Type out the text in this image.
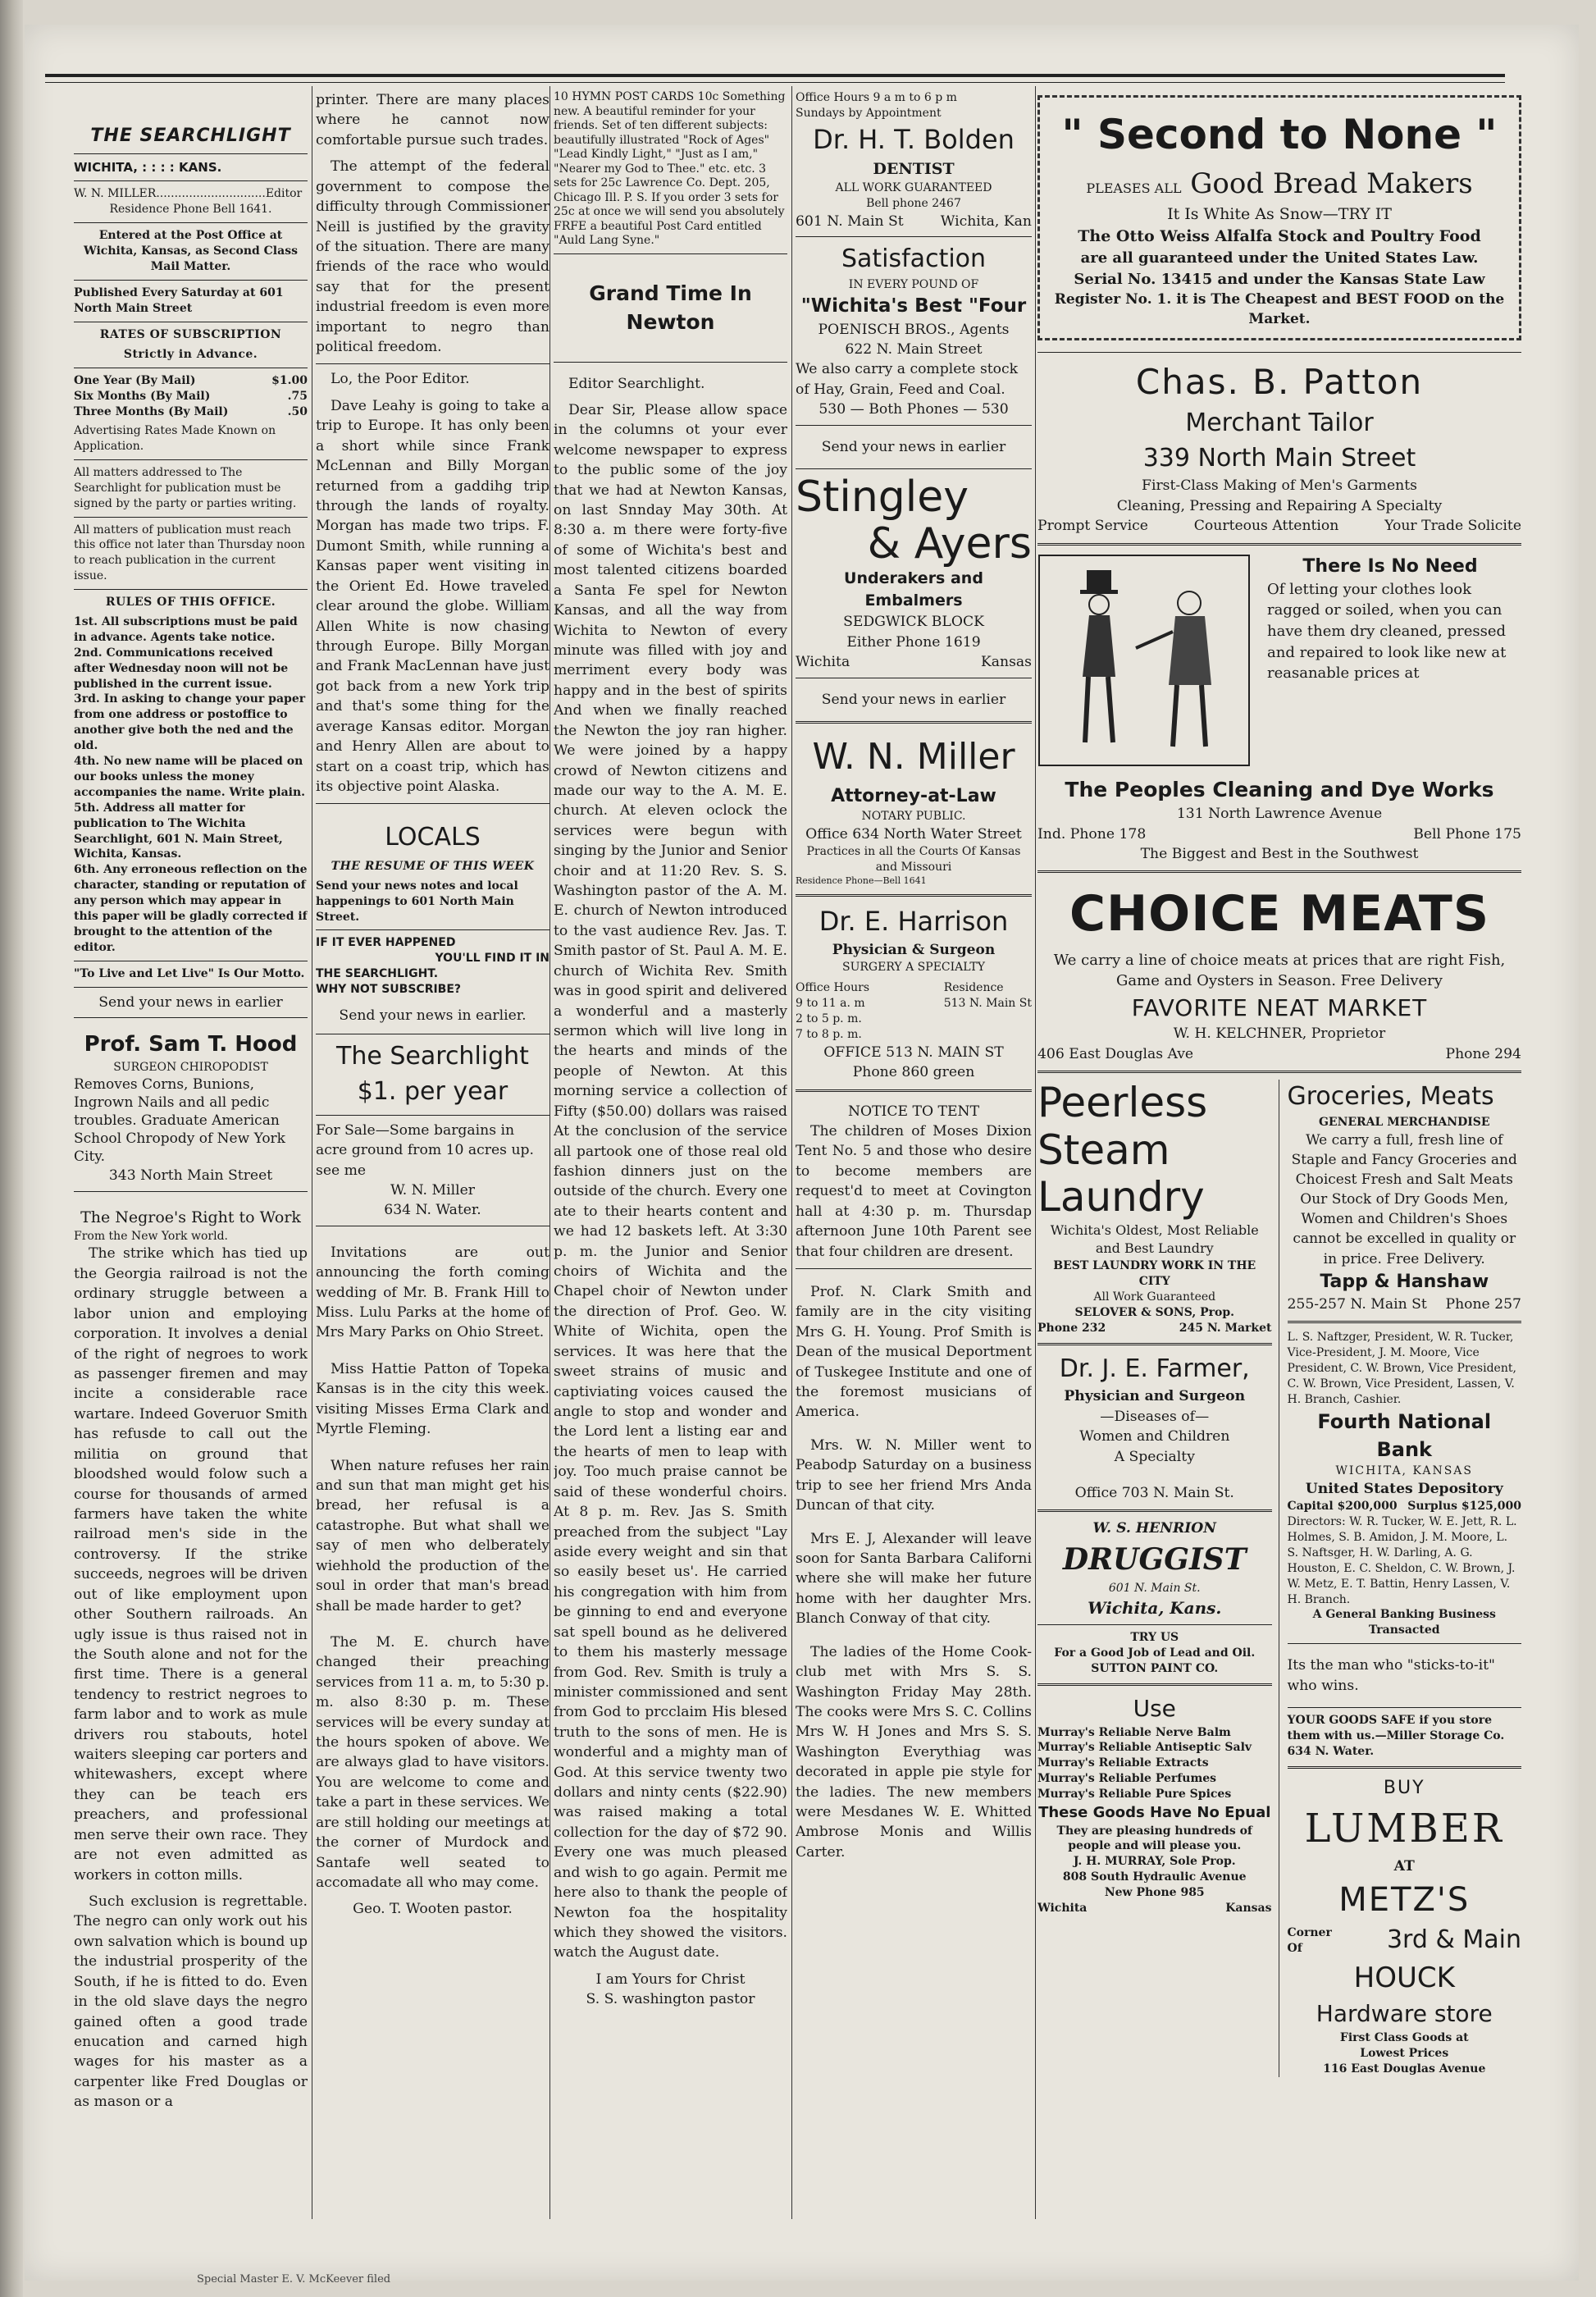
THE SEARCHLIGHT
WICHITA, : : : : KANS.
W. N. MILLER..............................Editor
Residence Phone Bell 1641.
Entered at the Post Office at Wichita, Kansas, as Second Class Mail Matter.
Published Every Saturday at 601 North Main Street
RATES OF SUBSCRIPTION
Strictly in Advance.
One Year (By Mail)	$1.00
Six Months (By Mail)	.75
Three Months (By Mail)	.50
Advertising Rates Made Known on Application.
All matters addressed to The Searchlight for publication must be signed by the party or parties writing.
All matters of publication must reach this office not later than Thursday noon to reach publication in the current issue.
RULES OF THIS OFFICE.
1st. All subscriptions must be paid in advance. Agents take notice.
2nd. Communications received after Wednesday noon will not be published in the current issue.
3rd. In asking to change your paper from one address or postoffice to another give both the ned and the old.
4th. No new name will be placed on our books unless the money accompanies the name. Write plain.
5th. Address all matter for publication to The Wichita Searchlight, 601 N. Main Street, Wichita, Kansas.
6th. Any erroneous reflection on the character, standing or reputation of any person which may appear in this paper will be gladly corrected if brought to the attention of the editor.
"To Live and Let Live" Is Our Motto.
Send your news in earlier
Prof. Sam T. Hood
SURGEON CHIROPODIST
Removes Corns, Bunions, Ingrown Nails and all pedic troubles. Graduate American School Chropody of New York City.
343 North Main Street
The Negroe's Right to Work
From the New York world.

The strike which has tied up the Georgia railroad is not the ordinary struggle between a labor union and employing corporation. It involves a denial of the right of negroes to work as passenger firemen and may incite a considerable race wartare. Indeed Goveruor Smith has refusde to call out the militia on ground that bloodshed would folow such a course for thousands of armed farmers have taken the white railroad men's side in the controversy. If the strike succeeds, negroes will be driven out of like employment upon other Southern railroads. An ugly issue is thus raised not in the South alone and not for the first time. There is a general tendency to restrict negroes to farm labor and to work as mule drivers rou stabouts, hotel waiters sleeping car porters and whitewashers, except where they can be teach ers preachers, and professional men serve their own race. They are not even admitted as workers in cotton mills.

Such exclusion is regrettable. The negro can only work out his own salvation which is bound up the industrial prosperity of the South, if he is fitted to do. Even in the old slave days the negro gained often a good trade enucation and carned high wages for his master as a carpenter like Fred Douglas or as mason or a

printer. There are many places where he cannot now comfortable pursue such trades.

The attempt of the federal government to compose the difficulty through Commissioner Neill is justified by the gravity of the situation. There are many friends of the race who would say that for the present industrial freedom is even more important to negro than political freedom.

Lo, the Poor Editor.

Dave Leahy is going to take a trip to Europe. It has only been a short while since Frank McLennan and Billy Morgan returned from a gaddihg trip through the lands of royalty. Morgan has made two trips. F. Dumont Smith, while running a Kansas paper went visiting in the Orient Ed. Howe traveled clear around the globe. William Allen White is now chasing through Europe. Billy Morgan and Frank MacLennan have just got back from a new York trip and that's some thing for the average Kansas editor. Morgan and Henry Allen are about to start on a coast trip, which has its objective point Alaska.

LOCALS
THE RESUME OF THIS WEEK
Send your news notes and local happenings to 601 North Main Street.
IF IT EVER HAPPENED
YOU'LL FIND IT IN
THE SEARCHLIGHT.
WHY NOT SUBSCRIBE?
Send your news in earlier.
The Searchlight
$1. per year
For Sale—Some bargains in acre ground from 10 acres up. see me
W. N. Miller
634 N. Water.

Invitations are out announcing the forth coming wedding of Mr. B. Frank Hill to Miss. Lulu Parks at the home of Mrs Mary Parks on Ohio Street.

Miss Hattie Patton of Topeka Kansas is in the city this week. visiting Misses Erma Clark and Myrtle Fleming.

When nature refuses her rain and sun that man might get his bread, her refusal is a catastrophe. But what shall we say of men who delberately wiehhold the production of the soul in order that man's bread shall be made harder to get?

The M. E. church have changed their preaching services from 11 a. m, to 5:30 p. m. also 8:30 p. m. These services will be every sunday at the hours spoken of above. We are always glad to have visitors. You are welcome to come and take a part in these services. We are still holding our meetings at the corner of Murdock and Santafe well seated to accomadate all who may come.

Geo. T. Wooten pastor.
10 HYMN POST CARDS 10c Something new. A beautiful reminder for your friends. Set of ten different subjects: beautifully illustrated "Rock of Ages" "Lead Kindly Light," "Just as I am," "Nearer my God to Thee." etc. etc. 3 sets for 25c Lawrence Co. Dept. 205, Chicago Ill. P. S. If you order 3 sets for 25c at once we will send you absolutely FRFE a beautiful Post Card entitled "Auld Lang Syne."
Grand Time In Newton

Editor Searchlight.

Dear Sir, Please allow space in the columns ot your ever welcome newspaper to express to the public some of the joy that we had at Newton Kansas, on last Snnday May 30th. At 8:30 a. m there were forty-five of some of Wichita's best and most talented citizens boarded a Santa Fe spel for Newton Kansas, and all the way from Wichita to Newton of every minute was filled with joy and merriment every body was happy and in the best of spirits And when we finally reached the Newton the joy ran higher. We were joined by a happy crowd of Newton citizens and made our way to the A. M. E. church. At eleven oclock the services were begun with singing by the Junior and Senior choir and at 11:20 Rev. S. S. Washington pastor of the A. M. E. church of Newton introduced to the vast audience Rev. Jas. T. Smith pastor of St. Paul A. M. E. church of Wichita Rev. Smith was in good spirit and delivered a wonderful and a masterly sermon which will live long in the hearts and minds of the people of Newton. At this morning service a collection of Fifty ($50.00) dollars was raised At the conclusion of the service all partook one of those real old fashion dinners just on the outside of the church. Every one ate to their hearts content and we had 12 baskets left. At 3:30 p. m. the Junior and Senior choirs of Wichita and the Chapel choir of Newton under the direction of Prof. Geo. W. White of Wichita, open the services. It was here that the sweet strains of music and captiviating voices caused the angle to stop and wonder and the Lord lent a listing ear and the hearts of men to leap with joy. Too much praise cannot be said of these wonderful choirs. At 8 p. m. Rev. Jas S. Smith preached from the subject "Lay aside every weight and sin that so easily beset us'. He carried his congregation with him from be ginning to end and everyone sat spell bound as he delivered to them his masterly message from God. Rev. Smith is truly a minister commissioned and sent from God to prcclaim His blesed truth to the sons of men. He is wonderful and a mighty man of God. At this service twenty two dollars and ninty cents ($22.90) was raised making a total collection for the day of $72 90. Every one was much pleased and wish to go again. Permit me here also to thank the people of Newton foa the hospitality which they showed the visitors. watch the August date.

I am Yours for Christ
S. S. washington pastor
Office Hours 9 a m to 6 p m
Sundays by Appointment
Dr. H. T. Bolden
DENTIST
ALL WORK GUARANTEED
Bell phone 2467
601 N. Main St	Wichita, Kan
Satisfaction
IN EVERY POUND OF
"Wichita's Best "Four
POENISCH BROS., Agents
622 N. Main Street
We also carry a complete stock of Hay, Grain, Feed and Coal.
530 — Both Phones — 530
Send your news in earlier
Stingley
& Ayers
Underakers and Embalmers
SEDGWICK BLOCK
Either Phone 1619
Wichita	Kansas
Send your news in earlier
W. N. Miller
Attorney-at-Law
NOTARY PUBLIC.
Office 634 North Water Street
Practices in all the Courts Of Kansas and Missouri
Residence Phone—Bell 1641
Dr. E. Harrison
Physician & Surgeon
SURGERY A SPECIALTY
Office Hours
9 to 11 a. m
2 to 5 p. m.
7 to 8 p. m.
Residence
513 N. Main St
OFFICE 513 N. MAIN ST
Phone 860 green
NOTICE TO TENT

The children of Moses Dixion Tent No. 5 and those who desire to become members are request'd to meet at Covington hall at 4:30 p. m. Thursdap afternoon June 10th Parent see that four children are dresent.

Prof. N. Clark Smith and family are in the city visiting Mrs G. H. Young. Prof Smith is Dean of the musical Deportment of Tuskegee Institute and one of the foremost musicians of America.

Mrs. W. N. Miller went to Peabodp Saturday on a business trip to see her friend Mrs Anda Duncan of that city.

Mrs E. J, Alexander will leave soon for Santa Barbara Californi where she will make her future home with her daughter Mrs. Blanch Conway of that city.

The ladies of the Home Cook-club met with Mrs S. S. Washington Friday May 28th. The cooks were Mrs S. C. Collins Mrs W. H Jones and Mrs S. S. Washington Everythiag was decorated in apple pie style for the ladies. The new members were Mesdanes W. E. Whitted Ambrose Monis and Willis Carter.

" Second to None "
PLEASES ALL Good Bread Makers
It Is White As Snow—TRY IT
The Otto Weiss Alfalfa Stock and Poultry Food
are all guaranteed under the United States Law.
Serial No. 13415 and under the Kansas State Law
Register No. 1. it is The Cheapest and BEST FOOD on the Market.
Chas. B. Patton
Merchant Tailor
339 North Main Street
First-Class Making of Men's Garments
Cleaning, Pressing and Repairing A Specialty
Prompt Service	Courteous Attention	Your Trade Solicite
There Is No Need
Of letting your clothes look ragged or soiled, when you can have them dry cleaned, pressed and repaired to look like new at reasanable prices at
The Peoples Cleaning and Dye Works
131 North Lawrence Avenue
Ind. Phone 178	Bell Phone 175
The Biggest and Best in the Southwest
CHOICE MEATS
We carry a line of choice meats at prices that are right Fish, Game and Oysters in Season. Free Delivery
FAVORITE NEAT MARKET
W. H. KELCHNER, Proprietor
406 East Douglas Ave	Phone 294
Peerless
Steam
Laundry
Wichita's Oldest, Most Reliable and Best Laundry
BEST LAUNDRY WORK IN THE CITY
All Work Guaranteed
SELOVER & SONS, Prop.
Phone 232	245 N. Market
Dr. J. E. Farmer,
Physician and Surgeon
—Diseases of—
Women and Children
A Specialty
Office 703 N. Main St.
W. S. HENRION
DRUGGIST
601 N. Main St.
Wichita, Kans.
TRY US
For a Good Job of Lead and Oil.
SUTTON PAINT CO.
Use
Murray's Reliable Nerve Balm
Murray's Reliable Antiseptic Salv
Murray's Reliable Extracts
Murray's Reliable Perfumes
Murray's Reliable Pure Spices
These Goods Have No Epual
They are pleasing hundreds of people and will please you.
J. H. MURRAY, Sole Prop.
808 South Hydraulic Avenue
New Phone 985
Wichita	Kansas
Groceries, Meats
GENERAL MERCHANDISE
We carry a full, fresh line of Staple and Fancy Groceries and Choicest Fresh and Salt Meats Our Stock of Dry Goods Men, Women and Children's Shoes cannot be excelled in quality or in price. Free Delivery.
Tapp & Hanshaw
255-257 N. Main St Phone 257
L. S. Naftzger, President, W. R. Tucker, Vice-President, J. M. Moore, Vice President, C. W. Brown, Vice President, C. W. Brown, Vice President, Lassen, V. H. Branch, Cashier.
Fourth National Bank
WICHITA, KANSAS
United States Depository
Capital $200,000 Surplus $125,000
Directors: W. R. Tucker, W. E. Jett, R. L. Holmes, S. B. Amidon, J. M. Moore, L. S. Naftsger, H. W. Darling, A. G. Houston, E. C. Sheldon, C. W. Brown, J. W. Metz, E. T. Battin, Henry Lassen, V. H. Branch.
A General Banking Business Transacted
Its the man who "sticks-to-it" who wins.
YOUR GOODS SAFE if you store them with us.—Miller Storage Co. 634 N. Water.
BUY
LUMBER
AT
METZ'S
Corner Of	3rd & Main
HOUCK
Hardware store
First Class Goods at
Lowest Prices
116 East Douglas Avenue
Special Master E. V. McKeever filed
